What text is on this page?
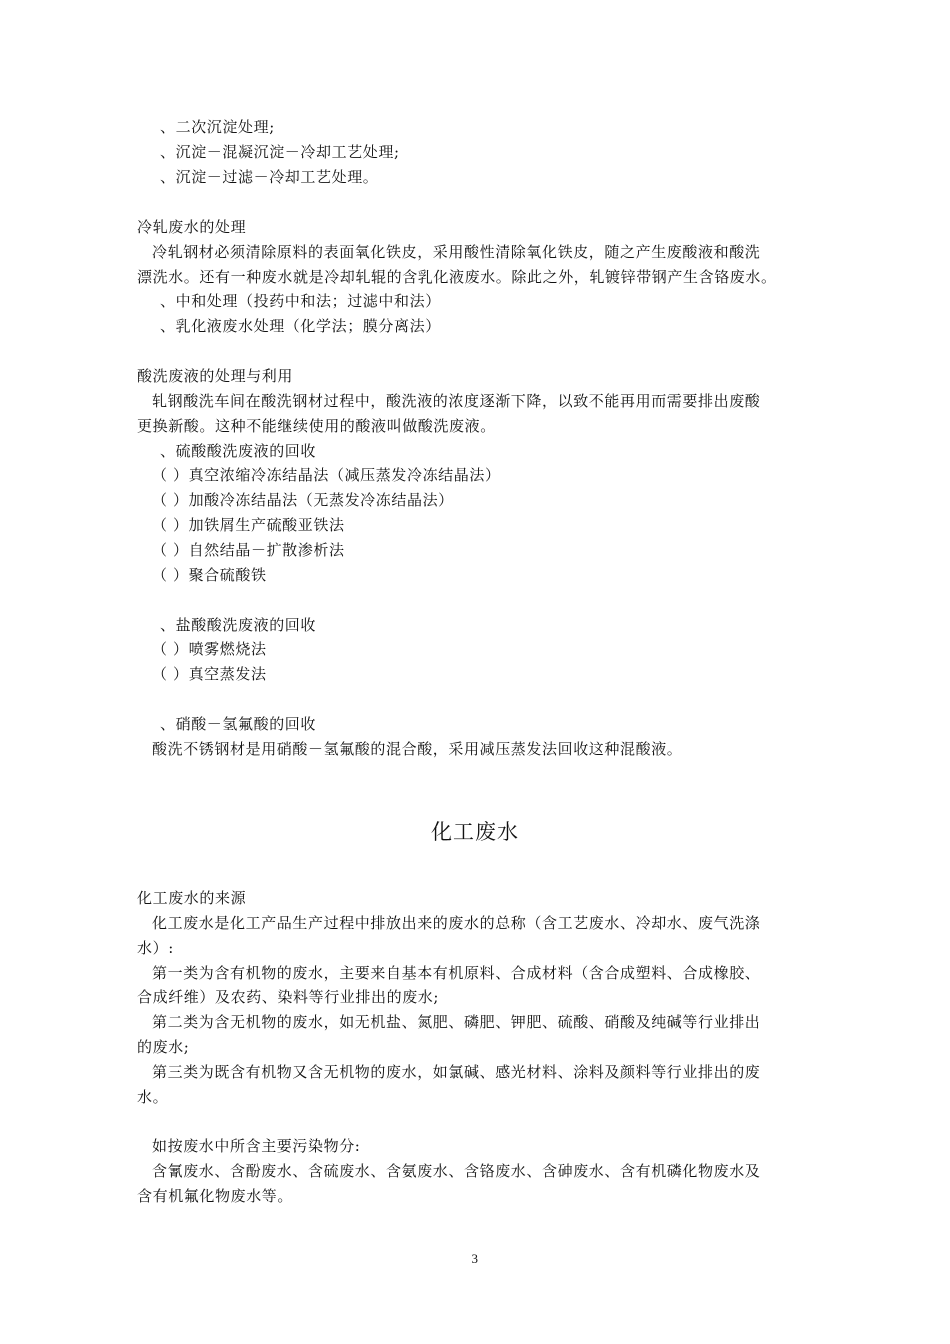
、二次沉淀处理;
、沉淀－混凝沉淀－冷却工艺处理;
、沉淀－过滤－冷却工艺处理。
冷轧废水的处理
冷轧钢材必须清除原料的表面氧化铁皮，采用酸性清除氧化铁皮，随之产生废酸液和酸洗
漂洗水。还有一种废水就是冷却轧辊的含乳化液废水。除此之外，轧镀锌带钢产生含铬废水。
、中和处理（投药中和法；过滤中和法）
、乳化液废水处理（化学法；膜分离法）
酸洗废液的处理与利用
轧钢酸洗车间在酸洗钢材过程中，酸洗液的浓度逐渐下降，以致不能再用而需要排出废酸
更换新酸。这种不能继续使用的酸液叫做酸洗废液。
、硫酸酸洗废液的回收
（ ）真空浓缩冷冻结晶法（减压蒸发冷冻结晶法）
（ ）加酸冷冻结晶法（无蒸发冷冻结晶法）
（ ）加铁屑生产硫酸亚铁法
（ ）自然结晶－扩散渗析法
（ ）聚合硫酸铁
、盐酸酸洗废液的回收
（ ）喷雾燃烧法
（ ）真空蒸发法
、硝酸－氢氟酸的回收
酸洗不锈钢材是用硝酸－氢氟酸的混合酸，采用减压蒸发法回收这种混酸液。
化工废水
化工废水的来源
化工废水是化工产品生产过程中排放出来的废水的总称（含工艺废水、冷却水、废气洗涤
水）:
第一类为含有机物的废水，主要来自基本有机原料、合成材料（含合成塑料、合成橡胶、
合成纤维）及农药、染料等行业排出的废水;
第二类为含无机物的废水，如无机盐、氮肥、磷肥、钾肥、硫酸、硝酸及纯碱等行业排出
的废水;
第三类为既含有机物又含无机物的废水，如氯碱、感光材料、涂料及颜料等行业排出的废
水。
如按废水中所含主要污染物分:
含氰废水、含酚废水、含硫废水、含氨废水、含铬废水、含砷废水、含有机磷化物废水及
含有机氟化物废水等。
3
